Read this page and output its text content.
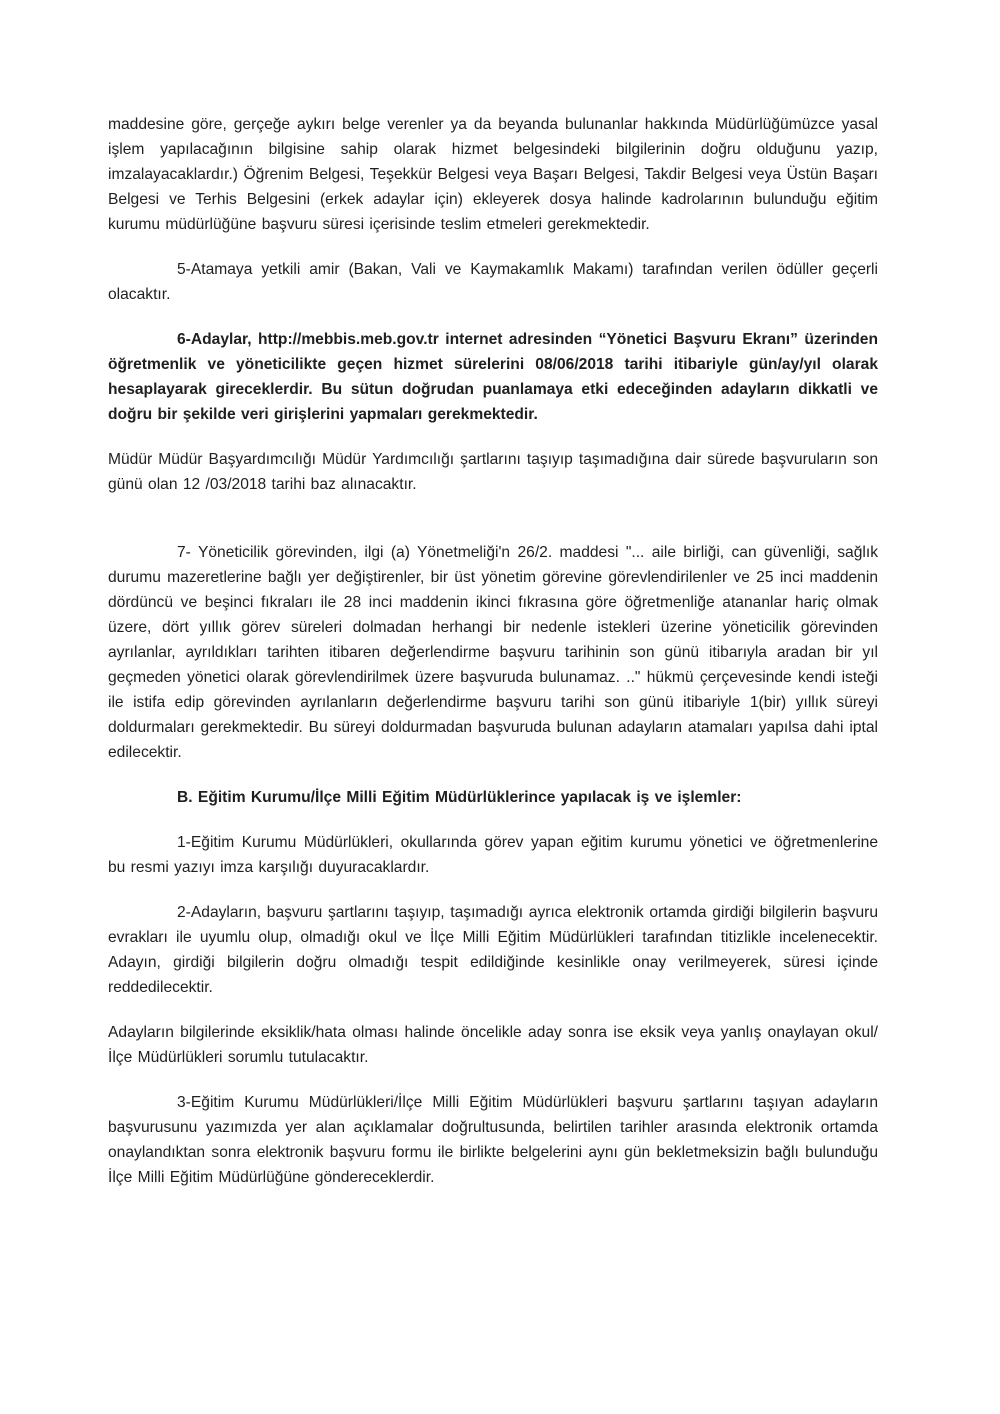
maddesine göre, gerçeğe aykırı belge verenler ya da beyanda bulunanlar hakkında Müdürlüğümüzce yasal işlem yapılacağının bilgisine sahip olarak hizmet belgesindeki bilgilerinin doğru olduğunu yazıp, imzalayacaklardır.) Öğrenim Belgesi, Teşekkür Belgesi veya Başarı Belgesi, Takdir Belgesi veya Üstün Başarı Belgesi ve Terhis Belgesini (erkek adaylar için) ekleyerek dosya halinde kadrolarının bulunduğu eğitim kurumu müdürlüğüne başvuru süresi içerisinde teslim etmeleri gerekmektedir.

5-Atamaya yetkili amir (Bakan, Vali ve Kaymakamlık Makamı) tarafından verilen ödüller geçerli olacaktır.

6-Adaylar, http://mebbis.meb.gov.tr internet adresinden “Yönetici Başvuru Ekranı” üzerinden öğretmenlik ve yöneticilikte geçen hizmet sürelerini 08/06/2018 tarihi itibariyle gün/ay/yıl olarak hesaplayarak gireceklerdir. Bu sütun doğrudan puanlamaya etki edeceğinden adayların dikkatli ve doğru bir şekilde veri girişlerini yapmaları gerekmektedir.

Müdür Müdür Başyardımcılığı Müdür Yardımcılığı şartlarını taşıyıp taşımadığına dair sürede başvuruların son günü olan 12 /03/2018 tarihi baz alınacaktır.

7- Yöneticilik görevinden, ilgi (a) Yönetmeliği'n 26/2. maddesi "... aile birliği, can güvenliği, sağlık durumu mazeretlerine bağlı yer değiştirenler, bir üst yönetim görevine görevlendirilenler ve 25 inci maddenin dördüncü ve beşinci fıkraları ile 28 inci maddenin ikinci fıkrasına göre öğretmenliğe atananlar hariç olmak üzere, dört yıllık görev süreleri dolmadan herhangi bir nedenle istekleri üzerine yöneticilik görevinden ayrılanlar, ayrıldıkları tarihten itibaren değerlendirme başvuru tarihinin son günü itibarıyla aradan bir yıl geçmeden yönetici olarak görevlendirilmek üzere başvuruda bulunamaz. .." hükmü çerçevesinde kendi isteği ile istifa edip görevinden ayrılanların değerlendirme başvuru tarihi son günü itibariyle 1(bir) yıllık süreyi doldurmaları gerekmektedir. Bu süreyi doldurmadan başvuruda bulunan adayların atamaları yapılsa dahi iptal edilecektir.

B. Eğitim Kurumu/İlçe Milli Eğitim Müdürlüklerince yapılacak iş ve işlemler:

1-Eğitim Kurumu Müdürlükleri, okullarında görev yapan eğitim kurumu yönetici ve öğretmenlerine bu resmi yazıyı imza karşılığı duyuracaklardır.

2-Adayların, başvuru şartlarını taşıyıp, taşımadığı ayrıca elektronik ortamda girdiği bilgilerin başvuru evrakları ile uyumlu olup, olmadığı okul ve İlçe Milli Eğitim Müdürlükleri tarafından titizlikle incelenecektir. Adayın, girdiği bilgilerin doğru olmadığı tespit edildiğinde kesinlikle onay verilmeyerek, süresi içinde reddedilecektir.

Adayların bilgilerinde eksiklik/hata olması halinde öncelikle aday sonra ise eksik veya yanlış onaylayan okul/İlçe Müdürlükleri sorumlu tutulacaktır.

3-Eğitim Kurumu Müdürlükleri/İlçe Milli Eğitim Müdürlükleri başvuru şartlarını taşıyan adayların başvurusunu yazımızda yer alan açıklamalar doğrultusunda, belirtilen tarihler arasında elektronik ortamda onaylandıktan sonra elektronik başvuru formu ile birlikte belgelerini aynı gün bekletmeksizin bağlı bulunduğu İlçe Milli Eğitim Müdürlüğüne göndereceklerdir.
